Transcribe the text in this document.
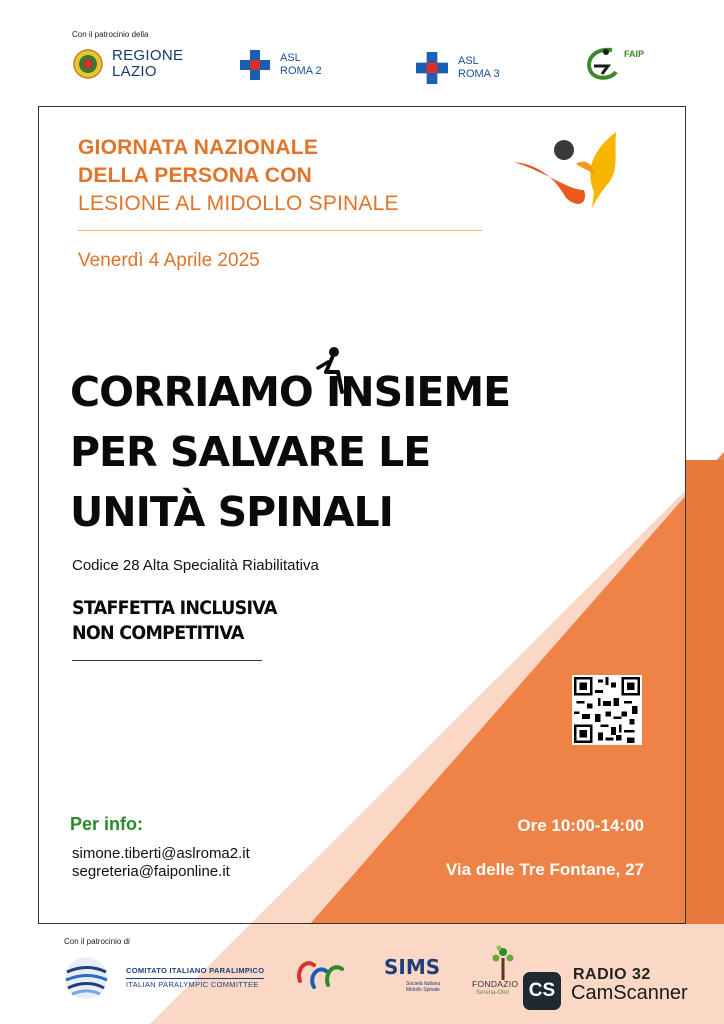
Con il patrocinio della
REGIONE
LAZIO
ASL
ROMA 2
ASL
ROMA 3
FAIP
GIORNATA NAZIONALE
DELLA PERSONA CON
LESIONE AL MIDOLLO SPINALE
Venerdì 4 Aprile 2025
CORRIAMO INSIEME
PER SALVARE LE
UNITÀ SPINALI
Codice 28 Alta Specialità Riabilitativa
STAFFETTA INCLUSIVA
NON COMPETITIVA
Per info:
simone.tiberti@aslroma2.it
segreteria@faiponline.it
Ore 10:00-14:00
Via delle Tre Fontane, 27
Con il patrocinio di
COMITATO ITALIANO PARALIMPICO
ITALIAN PARALYMPIC COMMITTEE
SIMS
Società Italiana
Midollo Spinale
FONDAZIO
Serena-Olivi	CS
RADIO 32
CamScanner
